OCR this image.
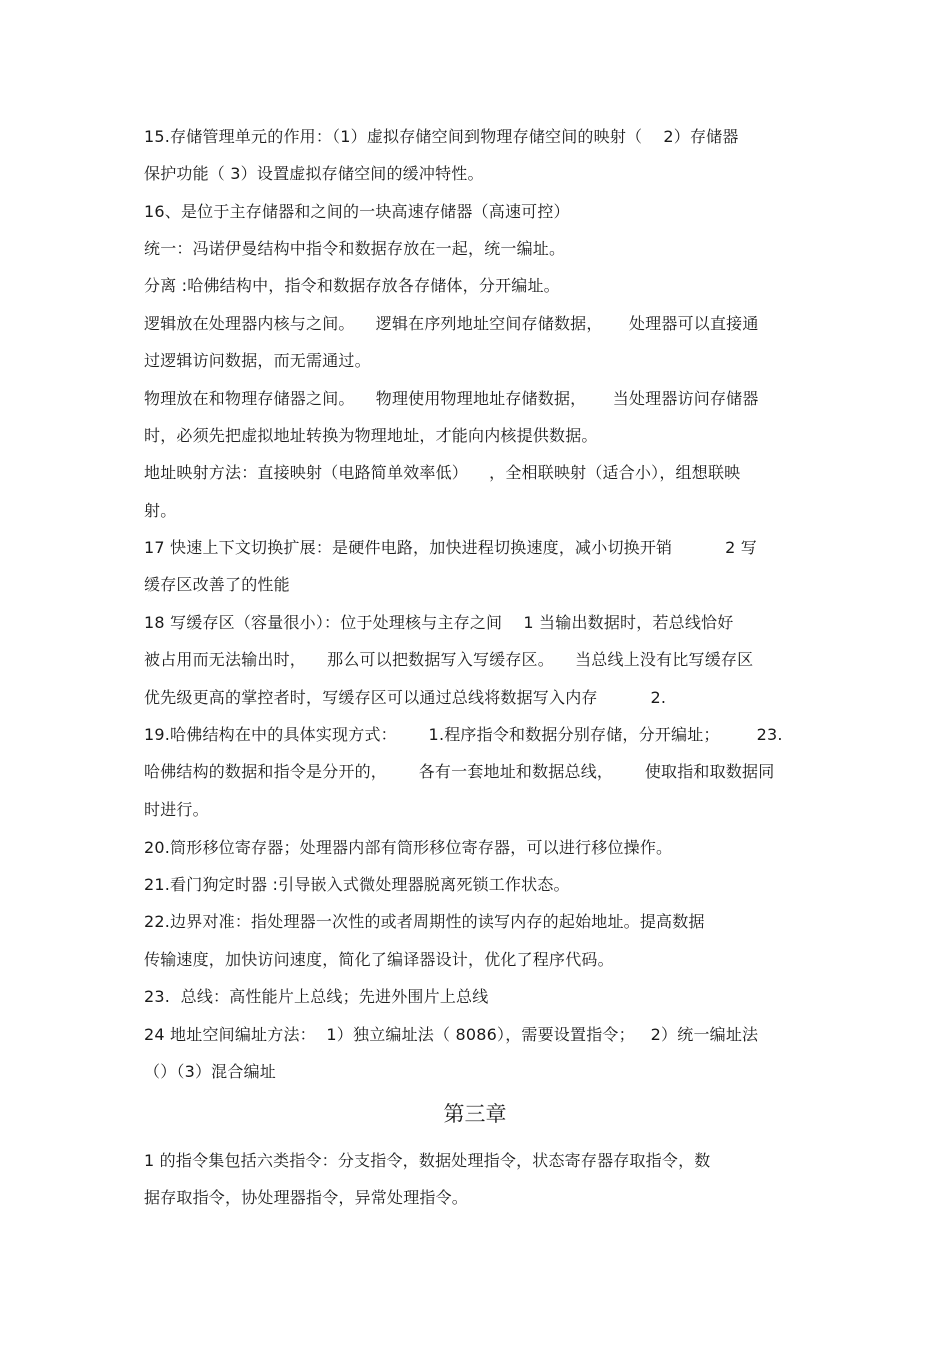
15.存储管理单元的作用：（1）虚拟存储空间到物理存储空间的映射（    2）存储器
保护功能（ 3）设置虚拟存储空间的缓冲特性。
16、是位于主存储器和之间的一块高速存储器（高速可控）
统一：冯诺伊曼结构中指令和数据存放在一起，统一编址。
分离 :哈佛结构中，指令和数据存放各存储体，分开编址。
逻辑放在处理器内核与之间。    逻辑在序列地址空间存储数据，     处理器可以直接通
过逻辑访问数据，而无需通过。
物理放在和物理存储器之间。    物理使用物理地址存储数据，     当处理器访问存储器
时，必须先把虚拟地址转换为物理地址，才能向内核提供数据。
地址映射方法：直接映射（电路简单效率低）    ，全相联映射（适合小），组想联映
射。
17 快速上下文切换扩展：是硬件电路，加快进程切换速度，减小切换开销          2 写
缓存区改善了的性能
18 写缓存区（容量很小）：位于处理核与主存之间    1 当输出数据时，若总线恰好
被占用而无法输出时，    那么可以把数据写入写缓存区。    当总线上没有比写缓存区
优先级更高的掌控者时，写缓存区可以通过总线将数据写入内存          2.
19.哈佛结构在中的具体实现方式：      1.程序指令和数据分别存储，分开编址；       23.
哈佛结构的数据和指令是分开的，      各有一套地址和数据总线，      使取指和取数据同
时进行。
20.筒形移位寄存器；处理器内部有筒形移位寄存器，可以进行移位操作。
21.看门狗定时器 :引导嵌入式微处理器脱离死锁工作状态。
22.边界对准：指处理器一次性的或者周期性的读写内存的起始地址。提高数据
传输速度，加快访问速度，简化了编译器设计，优化了程序代码。
23.  总线：高性能片上总线；先进外围片上总线
24 地址空间编址方法：  1）独立编址法（ 8086），需要设置指令；   2）统一编址法
（）（3）混合编址
第三章
1 的指令集包括六类指令：分支指令，数据处理指令，状态寄存器存取指令，数
据存取指令，协处理器指令，异常处理指令。
